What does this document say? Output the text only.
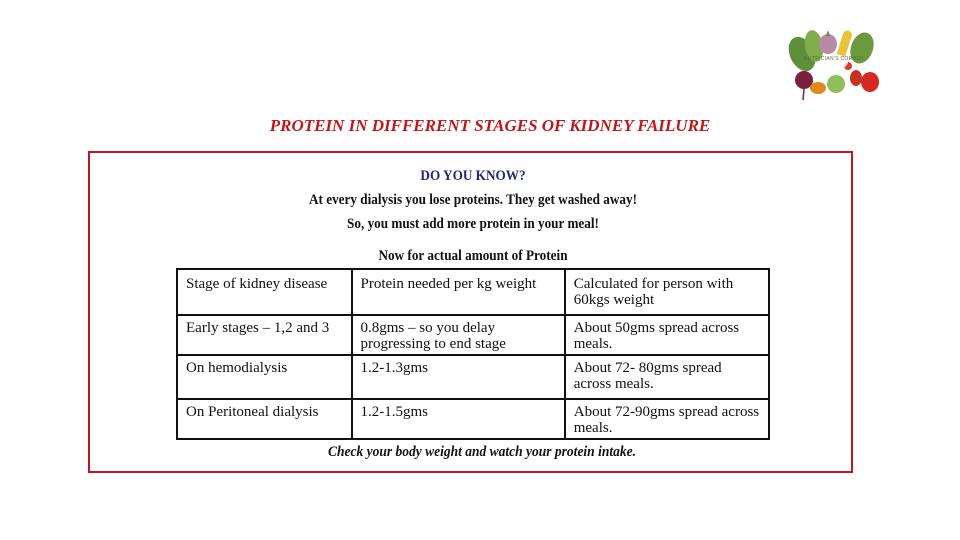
NUTRICIAN'S CORNER
PROTEIN IN DIFFERENT STAGES OF KIDNEY FAILURE
DO YOU KNOW?
At every dialysis you lose proteins. They get washed away!
So, you must add more protein in your meal!
Now for actual amount of Protein
Stage of kidney disease	Protein needed per kg weight	Calculated for person with 60kgs weight
Early stages – 1,2 and 3	0.8gms – so you delay progressing to end stage	About 50gms spread across meals.
On hemodialysis	1.2-1.3gms	About 72- 80gms spread across meals.
On Peritoneal dialysis	1.2-1.5gms	About 72-90gms spread across meals.
Check your body weight and watch your protein intake.
